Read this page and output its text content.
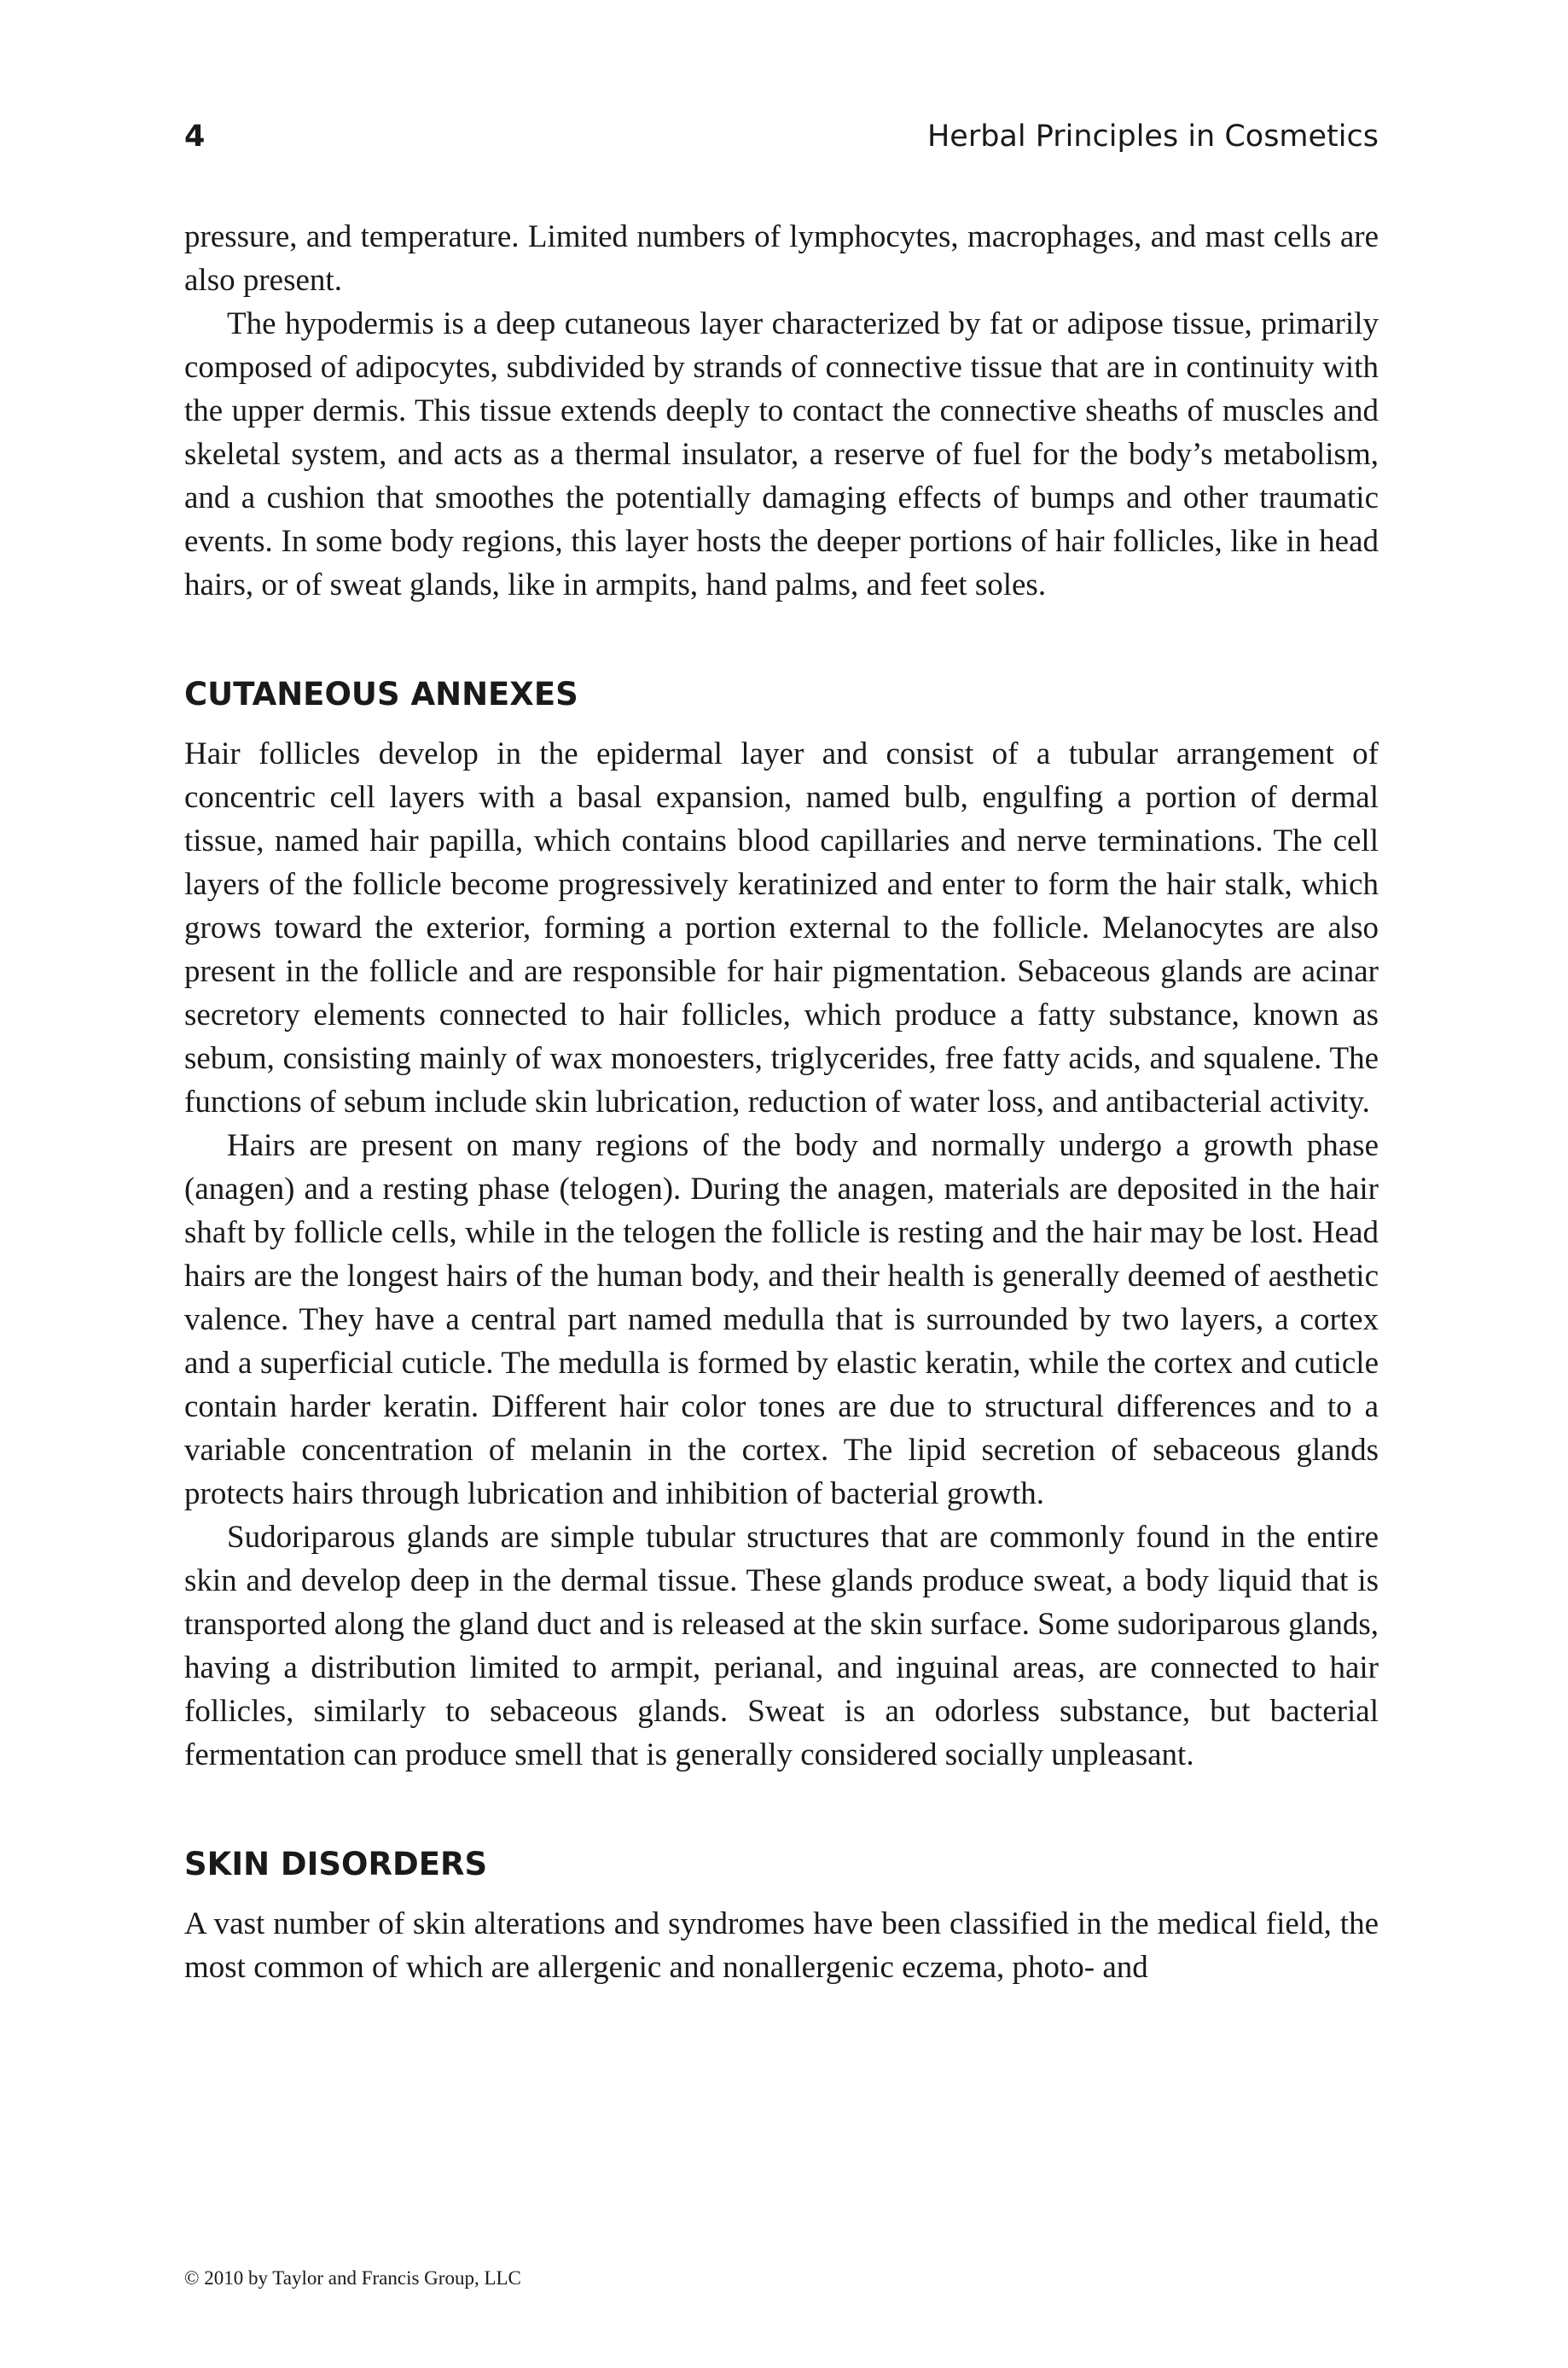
4	Herbal Principles in Cosmetics

pressure, and temperature. Limited numbers of lymphocytes, macrophages, and mast cells are also present.

The hypodermis is a deep cutaneous layer characterized by fat or adipose tissue, primarily composed of adipocytes, subdivided by strands of connective tissue that are in continuity with the upper dermis. This tissue extends deeply to contact the connective sheaths of muscles and skeletal system, and acts as a thermal insulator, a reserve of fuel for the body’s metabolism, and a cushion that smoothes the potentially damaging effects of bumps and other traumatic events. In some body regions, this layer hosts the deeper portions of hair follicles, like in head hairs, or of sweat glands, like in armpits, hand palms, and feet soles.

CUTANEOUS ANNEXES

Hair follicles develop in the epidermal layer and consist of a tubular arrangement of concentric cell layers with a basal expansion, named bulb, engulfing a portion of dermal tissue, named hair papilla, which contains blood capillaries and nerve terminations. The cell layers of the follicle become progressively keratinized and enter to form the hair stalk, which grows toward the exterior, forming a portion external to the follicle. Melanocytes are also present in the follicle and are responsible for hair pigmentation. Sebaceous glands are acinar secretory elements connected to hair follicles, which produce a fatty substance, known as sebum, consisting mainly of wax monoesters, triglycerides, free fatty acids, and squalene. The functions of sebum include skin lubrication, reduction of water loss, and antibacterial activity.

Hairs are present on many regions of the body and normally undergo a growth phase (anagen) and a resting phase (telogen). During the anagen, materials are deposited in the hair shaft by follicle cells, while in the telogen the follicle is resting and the hair may be lost. Head hairs are the longest hairs of the human body, and their health is generally deemed of aesthetic valence. They have a central part named medulla that is surrounded by two layers, a cortex and a superficial cuticle. The medulla is formed by elastic keratin, while the cortex and cuticle contain harder keratin. Different hair color tones are due to structural differences and to a variable concentration of melanin in the cortex. The lipid secretion of sebaceous glands protects hairs through lubrication and inhibition of bacterial growth.

Sudoriparous glands are simple tubular structures that are commonly found in the entire skin and develop deep in the dermal tissue. These glands produce sweat, a body liquid that is transported along the gland duct and is released at the skin surface. Some sudoriparous glands, having a distribution limited to armpit, perianal, and inguinal areas, are connected to hair follicles, similarly to sebaceous glands. Sweat is an odorless substance, but bacterial fermentation can produce smell that is generally considered socially unpleasant.

SKIN DISORDERS

A vast number of skin alterations and syndromes have been classified in the medical field, the most common of which are allergenic and nonallergenic eczema, photo- and

© 2010 by Taylor and Francis Group, LLC
